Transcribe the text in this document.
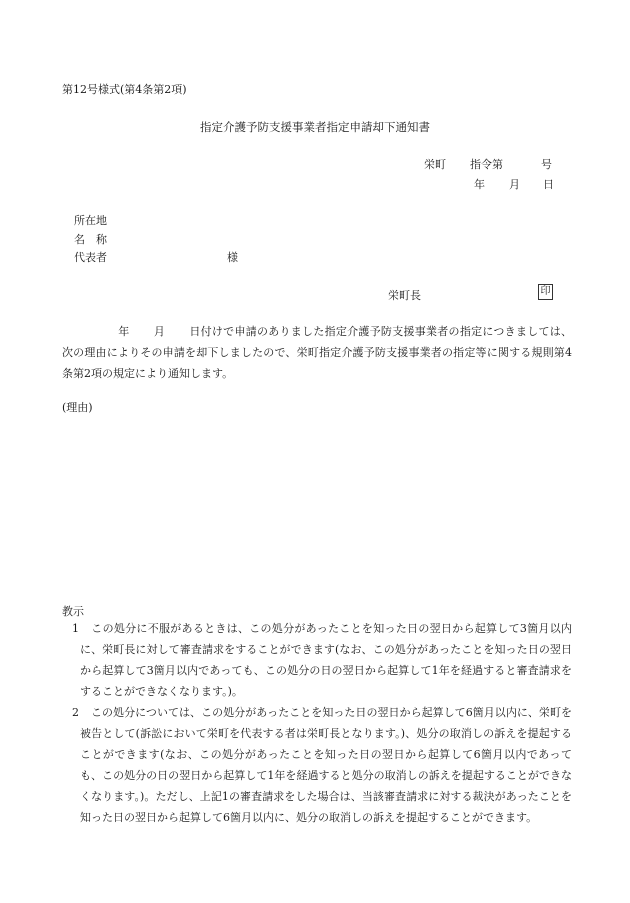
第12号様式(第4条第2項)
指定介護予防支援事業者指定申請却下通知書
栄町 指令第	号
年 月 日
所在地
名　称
代表者	様
栄町長	印
年 月 日付けで申請のありました指定介護予防支援事業者の指定につきましては、次の理由によりその申請を却下しましたので、栄町指定介護予防支援事業者の指定等に関する規則第4条第2項の規定により通知します。
(理由)
教示
1	この処分に不服があるときは、この処分があったことを知った日の翌日から起算して3箇月以内に、栄町長に対して審査請求をすることができます(なお、この処分があったことを知った日の翌日から起算して3箇月以内であっても、この処分の日の翌日から起算して1年を経過すると審査請求をすることができなくなります。)。
2	この処分については、この処分があったことを知った日の翌日から起算して6箇月以内に、栄町を被告として(訴訟において栄町を代表する者は栄町長となります。)、処分の取消しの訴えを提起することができます(なお、この処分があったことを知った日の翌日から起算して6箇月以内であっても、この処分の日の翌日から起算して1年を経過すると処分の取消しの訴えを提起することができなくなります。)。ただし、上記1の審査請求をした場合は、当該審査請求に対する裁決があったことを知った日の翌日から起算して6箇月以内に、処分の取消しの訴えを提起することができます。
